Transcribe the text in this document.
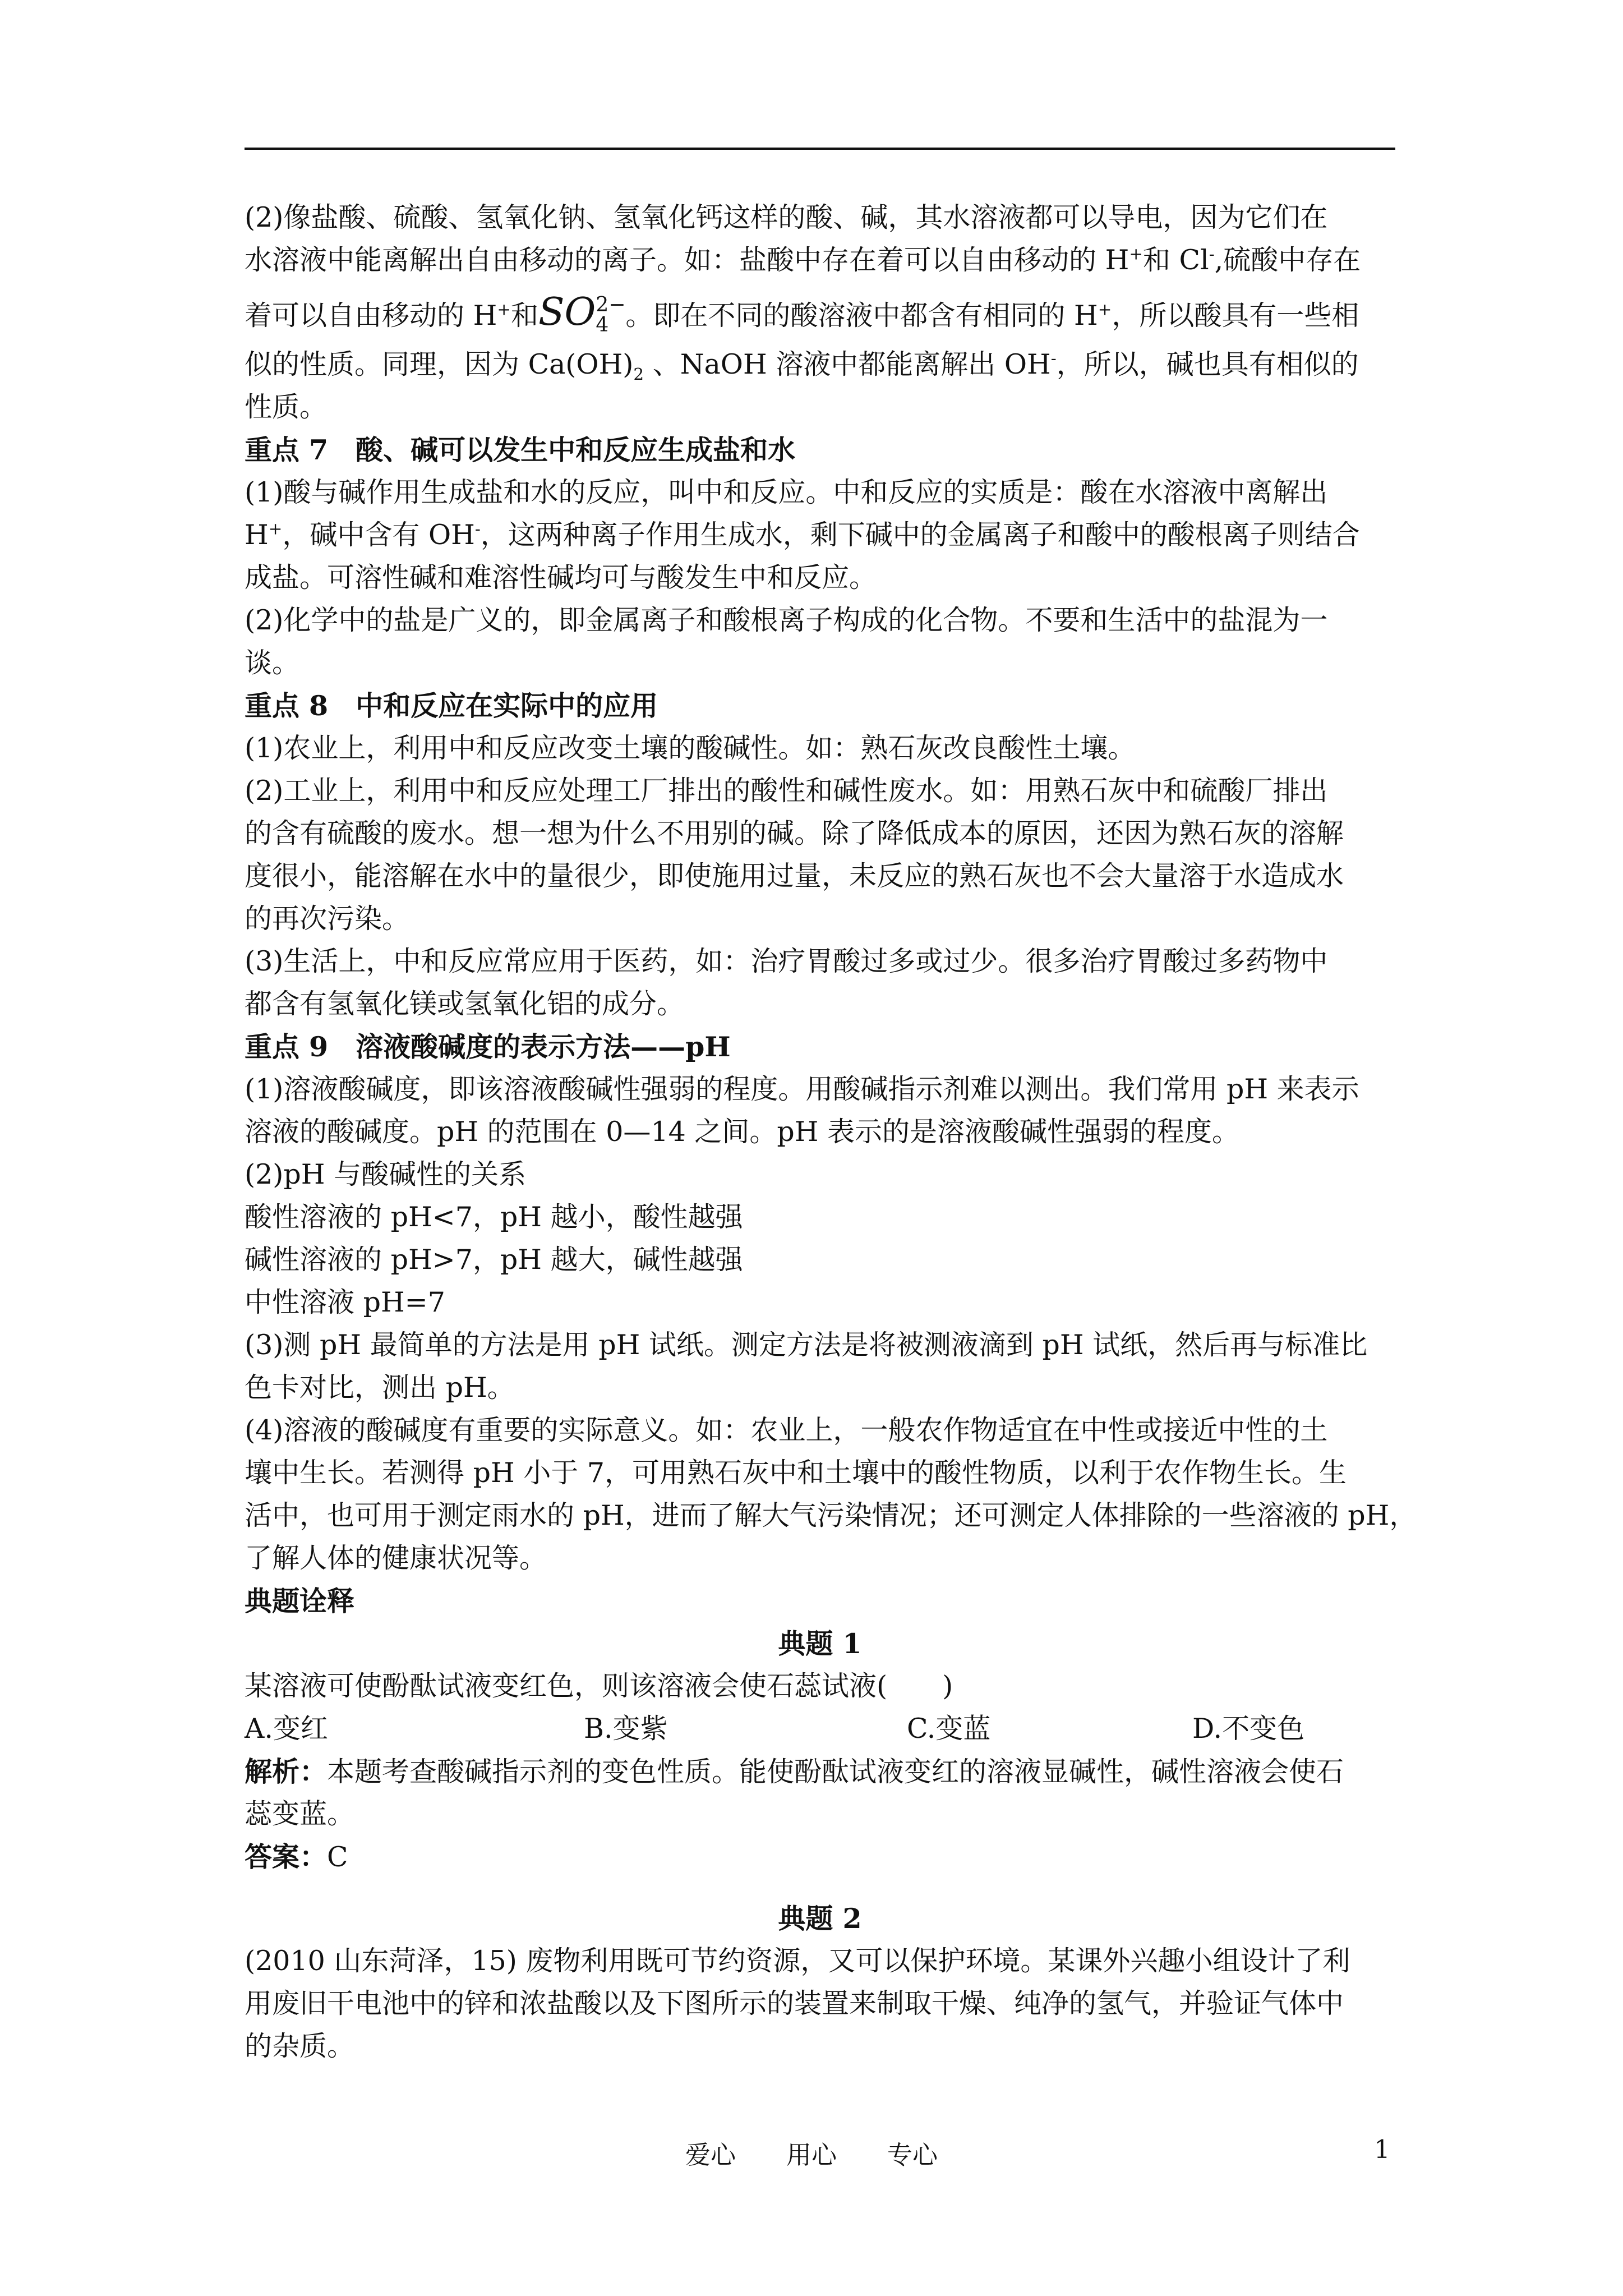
(2)像盐酸、硫酸、氢氧化钠、氢氧化钙这样的酸、碱，其水溶液都可以导电，因为它们在
水溶液中能离解出自由移动的离子。如：盐酸中存在着可以自由移动的 H+和 Cl-,硫酸中存在
着可以自由移动的 H+和SO 2−
4 。即在不同的酸溶液中都含有相同的 H+，所以酸具有一些相
似的性质。同理，因为 $Ca(OH)_2$ 、NaOH 溶液中都能离解出 OH-，所以，碱也具有相似的
性质。
重点 7　酸、碱可以发生中和反应生成盐和水
(1)酸与碱作用生成盐和水的反应，叫中和反应。中和反应的实质是：酸在水溶液中离解出
H+，碱中含有 OH-，这两种离子作用生成水，剩下碱中的金属离子和酸中的酸根离子则结合
成盐。可溶性碱和难溶性碱均可与酸发生中和反应。
(2)化学中的盐是广义的，即金属离子和酸根离子构成的化合物。不要和生活中的盐混为一
谈。
重点 8　中和反应在实际中的应用
(1)农业上，利用中和反应改变土壤的酸碱性。如：熟石灰改良酸性土壤。
(2)工业上，利用中和反应处理工厂排出的酸性和碱性废水。如：用熟石灰中和硫酸厂排出
的含有硫酸的废水。想一想为什么不用别的碱。除了降低成本的原因，还因为熟石灰的溶解
度很小，能溶解在水中的量很少，即使施用过量，未反应的熟石灰也不会大量溶于水造成水
的再次污染。
(3)生活上，中和反应常应用于医药，如：治疗胃酸过多或过少。很多治疗胃酸过多药物中
都含有氢氧化镁或氢氧化铝的成分。
重点 9　溶液酸碱度的表示方法——pH
(1)溶液酸碱度，即该溶液酸碱性强弱的程度。用酸碱指示剂难以测出。我们常用 pH 来表示
溶液的酸碱度。pH 的范围在 0—14 之间。pH 表示的是溶液酸碱性强弱的程度。
(2)pH 与酸碱性的关系
酸性溶液的 pH<7，pH 越小，酸性越强
碱性溶液的 pH>7，pH 越大，碱性越强
中性溶液 pH=7
(3)测 pH 最简单的方法是用 pH 试纸。测定方法是将被测液滴到 pH 试纸，然后再与标准比
色卡对比，测出 pH。
(4)溶液的酸碱度有重要的实际意义。如：农业上，一般农作物适宜在中性或接近中性的土
壤中生长。若测得 pH 小于 7，可用熟石灰中和土壤中的酸性物质，以利于农作物生长。生
活中，也可用于测定雨水的 pH，进而了解大气污染情况；还可测定人体排除的一些溶液的 pH，
了解人体的健康状况等。
典题诠释
典题 1
某溶液可使酚酞试液变红色，则该溶液会使石蕊试液(　　)

A.变红

	B.变紫

	C.变蓝

	D.不变色

解析：本题考查酸碱指示剂的变色性质。能使酚酞试液变红的溶液显碱性，碱性溶液会使石
蕊变蓝。
答案：C
典题 2
(2010 山东菏泽，15) 废物利用既可节约资源，又可以保护环境。某课外兴趣小组设计了利
用废旧干电池中的锌和浓盐酸以及下图所示的装置来制取干燥、纯净的氢气，并验证气体中
的杂质。
爱心　　用心　　专心	1
